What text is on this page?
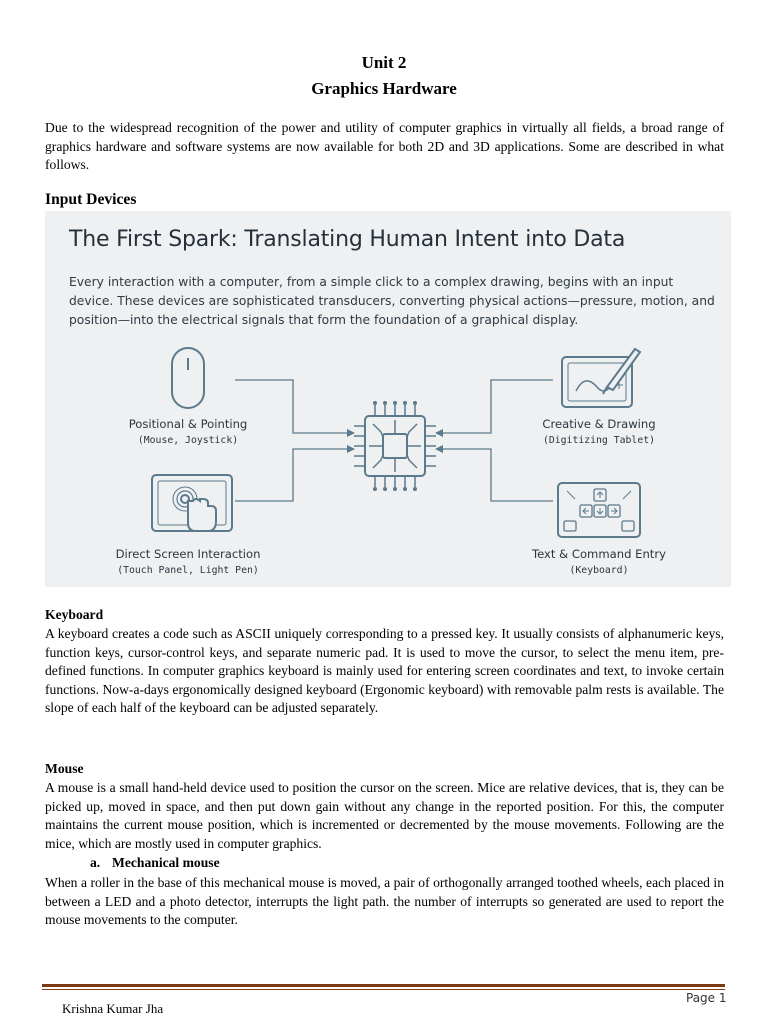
Unit 2
Graphics Hardware

Due to the widespread recognition of the power and utility of computer graphics in virtually all fields, a broad range of graphics hardware and software systems are now available for both 2D and 3D applications. Some are described in what follows.

Input Devices
The First Spark: Translating Human Intent into Data

Every interaction with a computer, from a simple click to a complex drawing, begins with an input device. These devices are sophisticated transducers, converting physical actions—pressure, motion, and position—into the electrical signals that form the foundation of a graphical display.

Positional & Pointing
(Mouse, Joystick)
Direct Screen Interaction
(Touch Panel, Light Pen)
Creative & Drawing
(Digitizing Tablet)
Text & Command Entry
(Keyboard)
Keyboard

A keyboard creates a code such as ASCII uniquely corresponding to a pressed key. It usually consists of alphanumeric keys, function keys, cursor-control keys, and separate numeric pad. It is used to move the cursor, to select the menu item, pre-defined functions. In computer graphics keyboard is mainly used for entering screen coordinates and text, to invoke certain functions. Now-a-days ergonomically designed keyboard (Ergonomic keyboard) with removable palm rests is available. The slope of each half of the keyboard can be adjusted separately.

Mouse

A mouse is a small hand-held device used to position the cursor on the screen. Mice are relative devices, that is, they can be picked up, moved in space, and then put down gain without any change in the reported position. For this, the computer maintains the current mouse position, which is incremented or decremented by the mouse movements. Following are the mice, which are mostly used in computer graphics.

a. Mechanical mouse

When a roller in the base of this mechanical mouse is moved, a pair of orthogonally arranged toothed wheels, each placed in between a LED and a photo detector, interrupts the light path. the number of interrupts so generated are used to report the mouse movements to the computer.

Page 1
Krishna Kumar Jha
